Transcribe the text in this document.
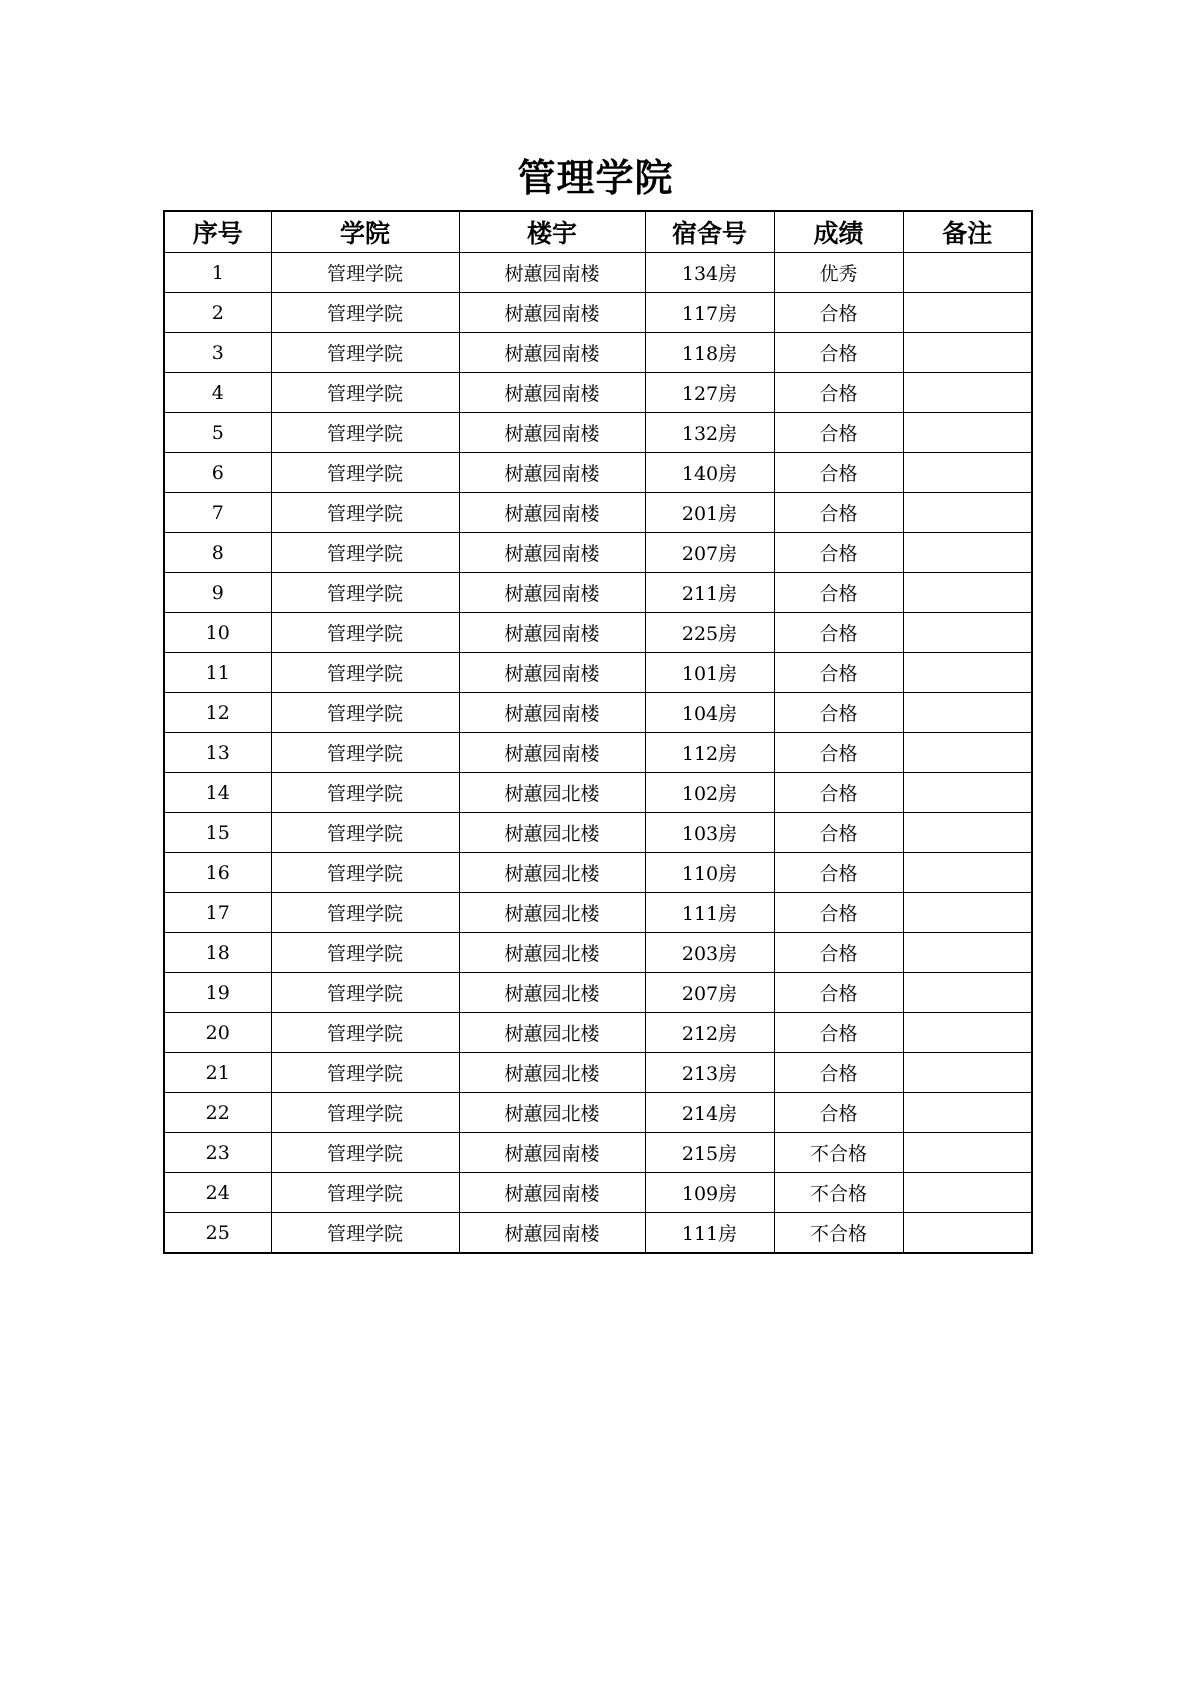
管理学院
序号	学院	楼宇	宿舍号	成绩	备注
1	管理学院	树蕙园南楼	134房	优秀	
2	管理学院	树蕙园南楼	117房	合格	
3	管理学院	树蕙园南楼	118房	合格	
4	管理学院	树蕙园南楼	127房	合格	
5	管理学院	树蕙园南楼	132房	合格	
6	管理学院	树蕙园南楼	140房	合格	
7	管理学院	树蕙园南楼	201房	合格	
8	管理学院	树蕙园南楼	207房	合格	
9	管理学院	树蕙园南楼	211房	合格	
10	管理学院	树蕙园南楼	225房	合格	
11	管理学院	树蕙园南楼	101房	合格	
12	管理学院	树蕙园南楼	104房	合格	
13	管理学院	树蕙园南楼	112房	合格	
14	管理学院	树蕙园北楼	102房	合格	
15	管理学院	树蕙园北楼	103房	合格	
16	管理学院	树蕙园北楼	110房	合格	
17	管理学院	树蕙园北楼	111房	合格	
18	管理学院	树蕙园北楼	203房	合格	
19	管理学院	树蕙园北楼	207房	合格	
20	管理学院	树蕙园北楼	212房	合格	
21	管理学院	树蕙园北楼	213房	合格	
22	管理学院	树蕙园北楼	214房	合格	
23	管理学院	树蕙园南楼	215房	不合格	
24	管理学院	树蕙园南楼	109房	不合格	
25	管理学院	树蕙园南楼	111房	不合格	
